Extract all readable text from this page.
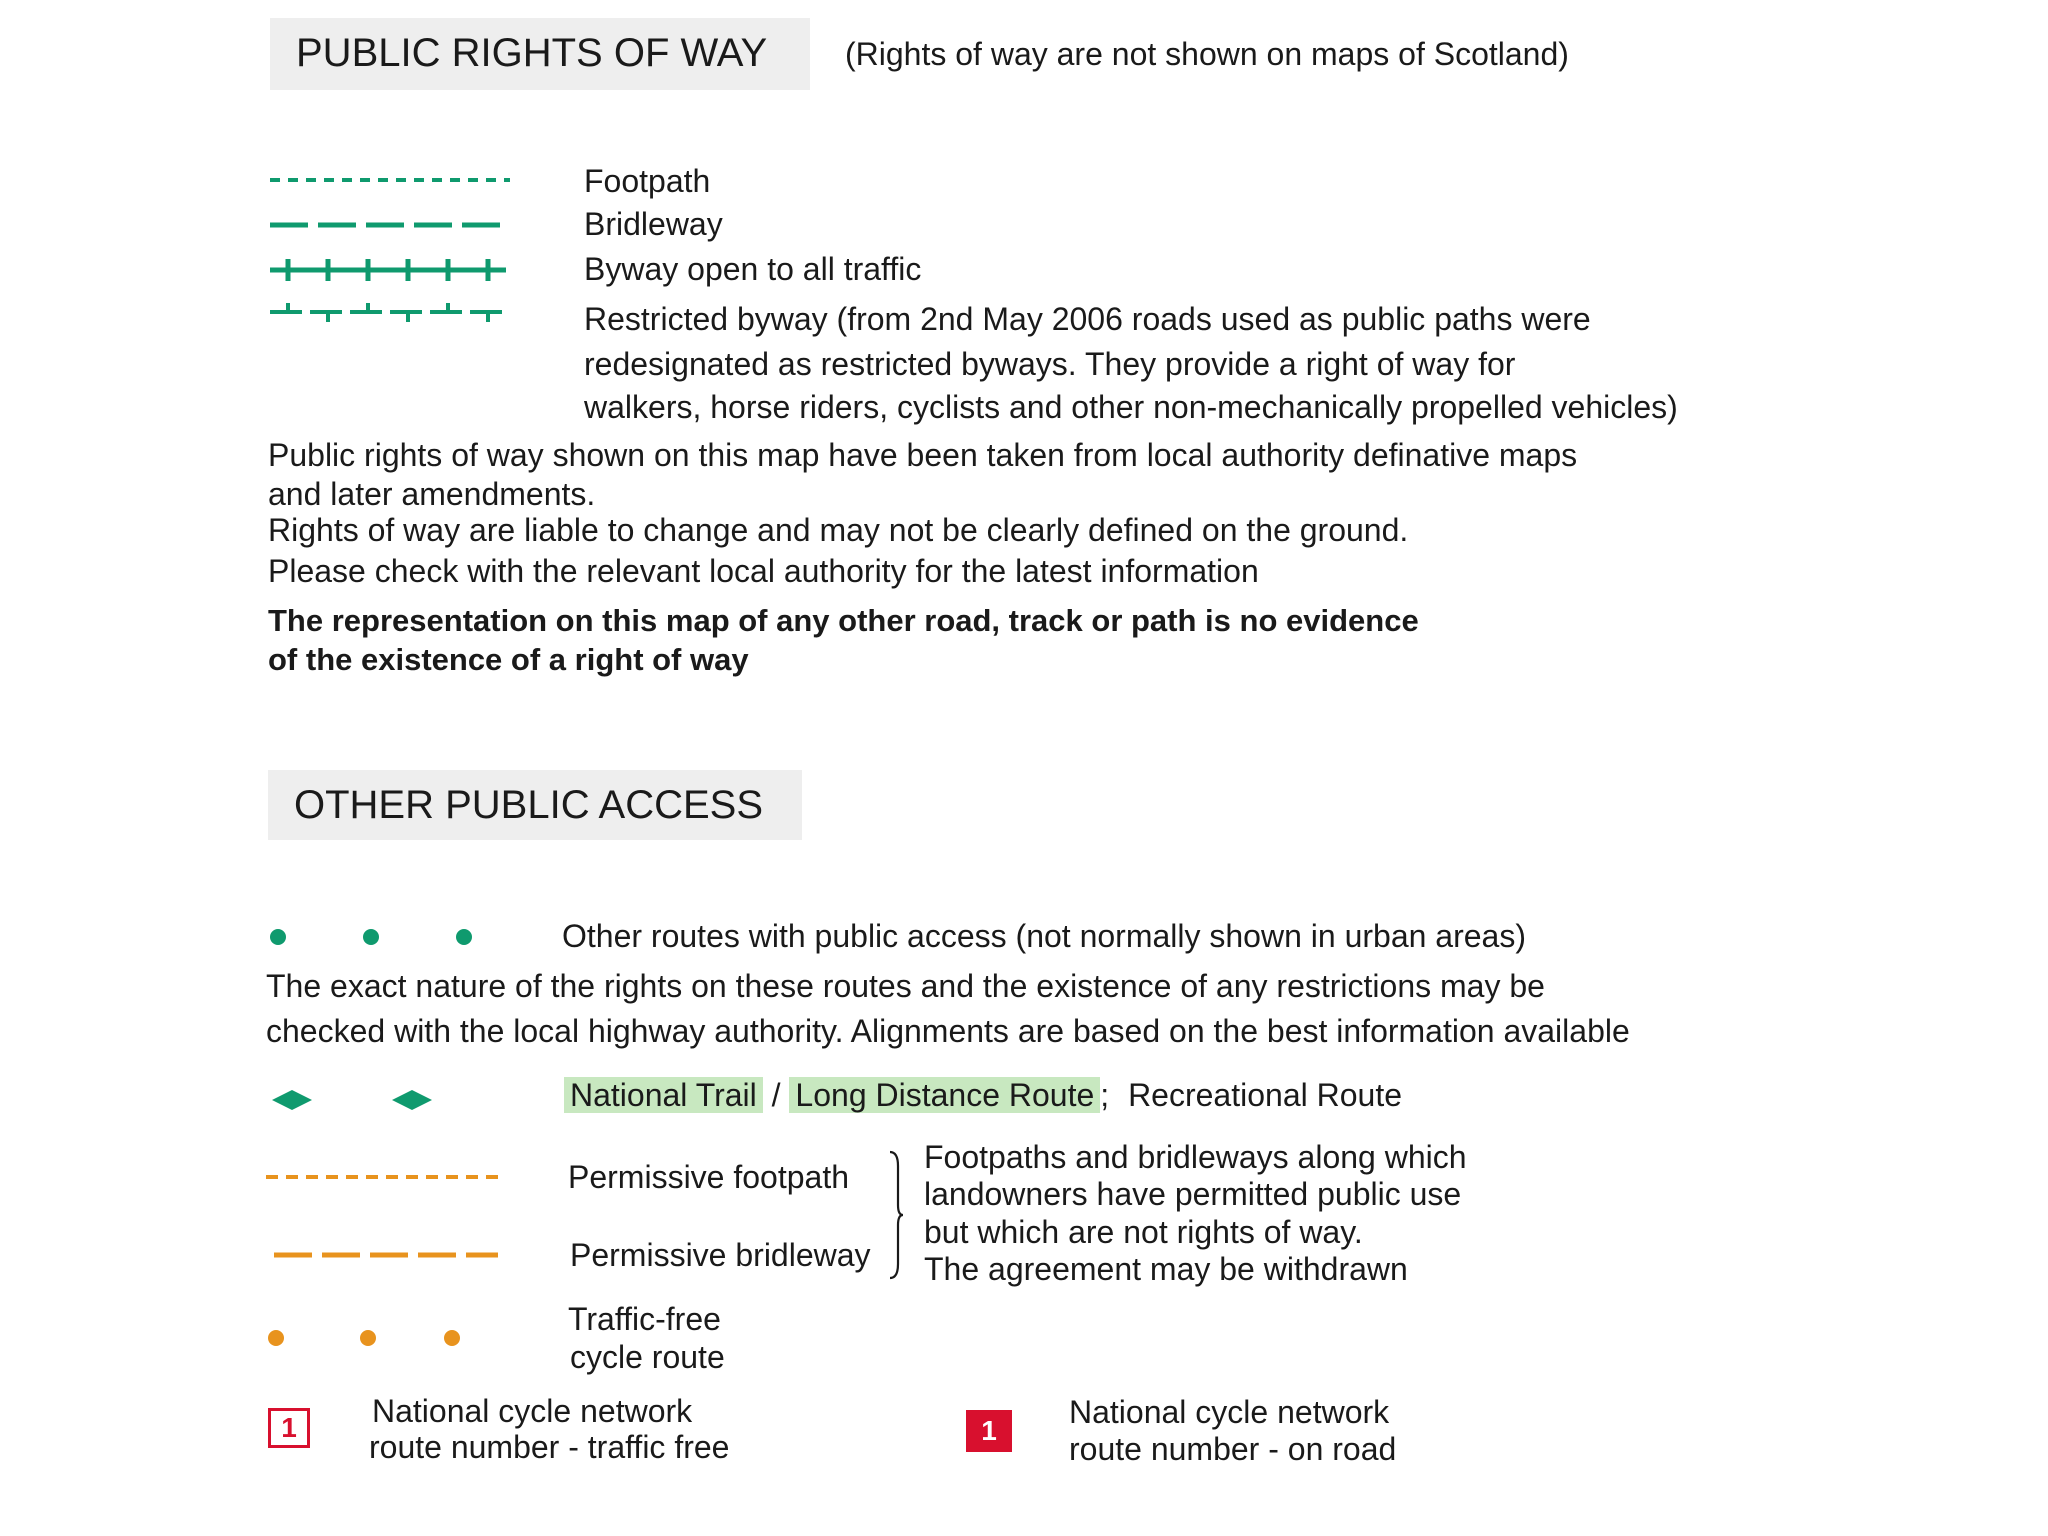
PUBLIC RIGHTS OF WAY	(Rights of way are not shown on maps of Scotland)
Footpath
Bridleway
Byway open to all traffic
Restricted byway (from 2nd May 2006 roads used as public paths were
redesignated as restricted byways. They provide a right of way for
walkers, horse riders, cyclists and other non-mechanically propelled vehicles)
Public rights of way shown on this map have been taken from local authority definative maps
and later amendments.
Rights of way are liable to change and may not be clearly defined on the ground.
Please check with the relevant local authority for the latest information
The representation on this map of any other road, track or path is no evidence
of the existence of a right of way
OTHER PUBLIC ACCESS
Other routes with public access (not normally shown in urban areas)
The exact nature of the rights on these routes and the existence of any restrictions may be
checked with the local highway authority. Alignments are based on the best information available
National Trail / Long Distance Route ; Recreational Route
Permissive footpath
Permissive bridleway
Footpaths and bridleways along which
landowners have permitted public use
but which are not rights of way.
The agreement may be withdrawn
Traffic-free
cycle route
1 National cycle network
route number - traffic free	1
National cycle network
route number - on road
